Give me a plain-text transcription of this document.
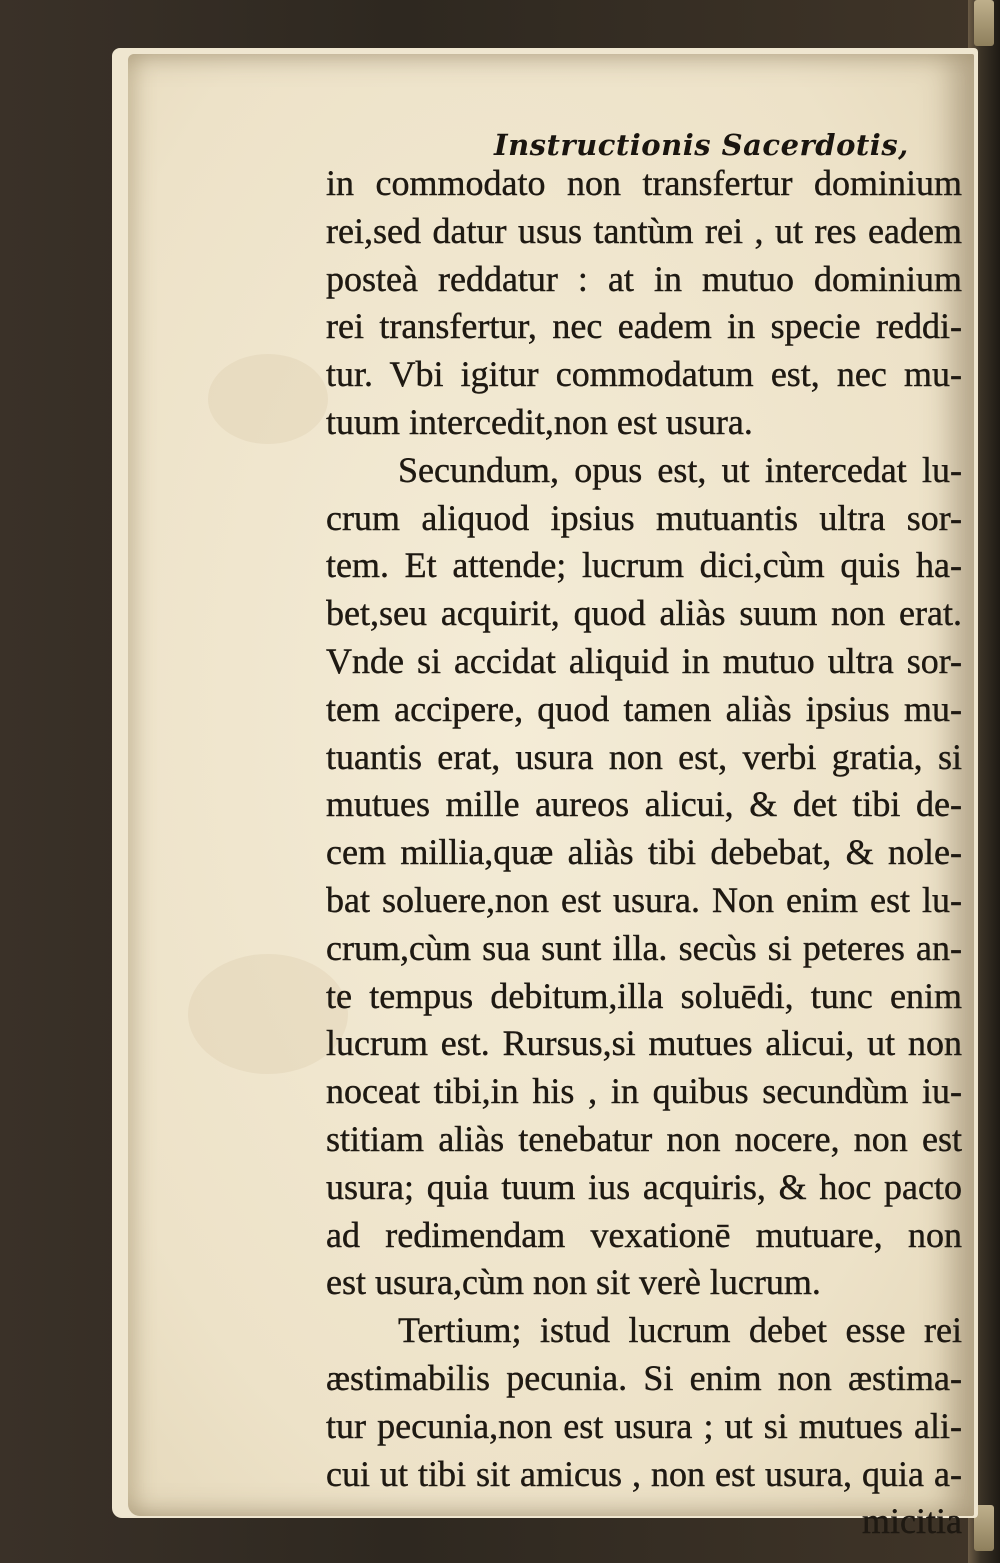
Instructionis Sacerdotis,
in commodato non transfertur dominium
rei,sed datur usus tantùm rei , ut res eadem
posteà reddatur : at in mutuo dominium
rei transfertur, nec eadem in specie reddi-
tur. Vbi igitur commodatum est, nec mu-
tuum intercedit,non est usura.
Secundum, opus est, ut intercedat lu-
crum aliquod ipsius mutuantis ultra sor-
tem. Et attende; lucrum dici,cùm quis ha-
bet,seu acquirit, quod aliàs suum non erat.
Vnde si accidat aliquid in mutuo ultra sor-
tem accipere, quod tamen aliàs ipsius mu-
tuantis erat, usura non est, verbi gratia, si
mutues mille aureos alicui, & det tibi de-
cem millia,quæ aliàs tibi debebat, & nole-
bat soluere,non est usura. Non enim est lu-
crum,cùm sua sunt illa. secùs si peteres an-
te tempus debitum,illa soluēdi, tunc enim
lucrum est. Rursus,si mutues alicui, ut non
noceat tibi,in his , in quibus secundùm iu-
stitiam aliàs tenebatur non nocere, non est
usura; quia tuum ius acquiris, & hoc pacto
ad redimendam vexationē mutuare, non
est usura,cùm non sit verè lucrum.
Tertium; istud lucrum debet esse rei
æstimabilis pecunia. Si enim non æstima-
tur pecunia,non est usura ; ut si mutues ali-
cui ut tibi sit amicus , non est usura, quia a-
micitia
